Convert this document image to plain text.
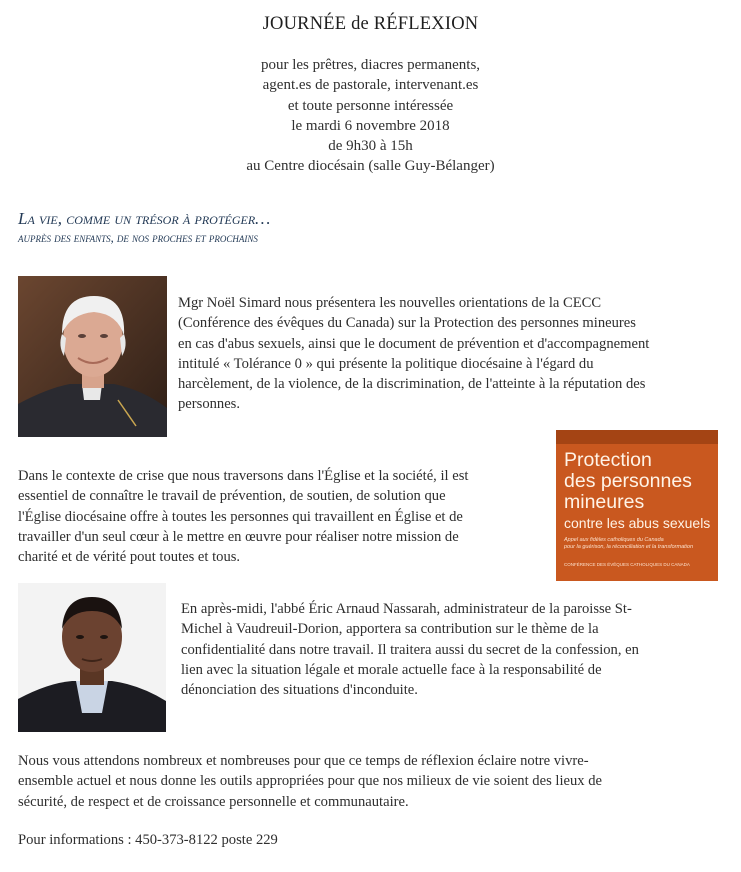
JOURNÉE de RÉFLEXION
pour les prêtres, diacres permanents,
agent.es de pastorale, intervenant.es
et toute personne intéressée
le mardi 6 novembre 2018
de 9h30 à 15h
au Centre diocésain (salle Guy-Bélanger)
La vie, comme un trésor à protéger…
auprès des enfants, de nos proches et prochains
Mgr Noël Simard nous présentera les nouvelles orientations de la CECC
(Conférence des évêques du Canada) sur la Protection des personnes mineures
en cas d'abus sexuels, ainsi que le document de prévention et d'accompagnement
intitulé « Tolérance 0 » qui présente la politique diocésaine à l'égard du
harcèlement, de la violence, de la discrimination, de l'atteinte à la réputation des
personnes.
Protection
des personnes
mineures
contre les abus sexuels
Appel aux fidèles catholiques du Canada
pour la guérison, la réconciliation et la transformation
CONFÉRENCE DES ÉVÊQUES CATHOLIQUES DU CANADA
Dans le contexte de crise que nous traversons dans l'Église et la société, il est
essentiel de connaître le travail de prévention, de soutien, de solution que
l'Église diocésaine offre à toutes les personnes qui travaillent en Église et de
travailler d'un seul cœur à le mettre en œuvre pour réaliser notre mission de
charité et de vérité pout toutes et tous.
En après-midi, l'abbé Éric Arnaud Nassarah, administrateur de la paroisse St-
Michel à Vaudreuil-Dorion, apportera sa contribution sur le thème de la
confidentialité dans notre travail. Il traitera aussi du secret de la confession, en
lien avec la situation légale et morale actuelle face à la responsabilité de
dénonciation des situations d'inconduite.
Nous vous attendons nombreux et nombreuses pour que ce temps de réflexion éclaire notre vivre-
ensemble actuel et nous donne les outils appropriées pour que nos milieux de vie soient des lieux de
sécurité, de respect et de croissance personnelle et communautaire.
Pour informations : 450-373-8122 poste 229
